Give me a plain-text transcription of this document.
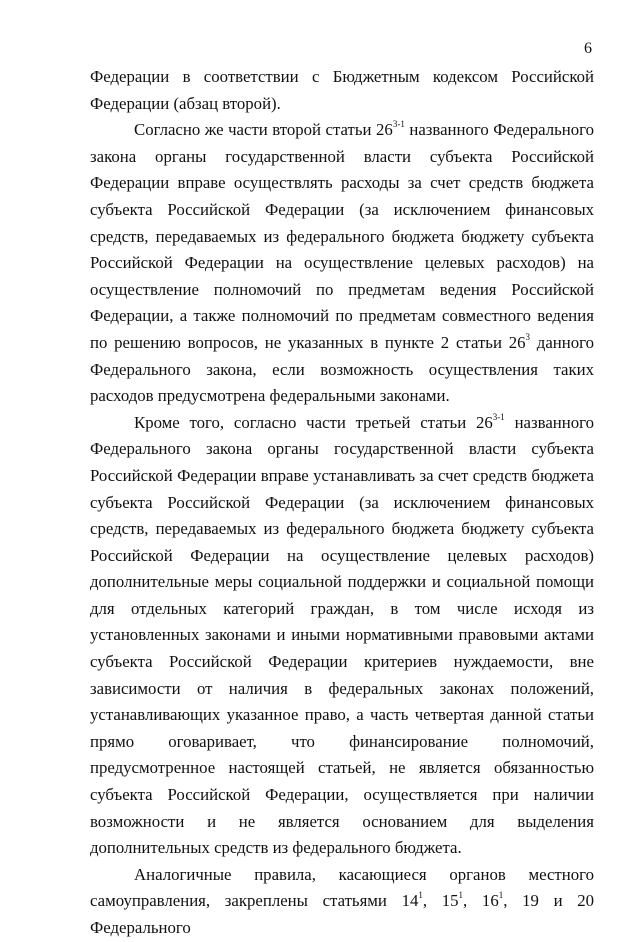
6

Федерации в соответствии с Бюджетным кодексом Российской Федерации (абзац второй).

Согласно же части второй статьи 26$^{3-1}$ названного Федерального закона органы государственной власти субъекта Российской Федерации вправе осуществлять расходы за счет средств бюджета субъекта Российской Федерации (за исключением финансовых средств, передаваемых из федерального бюджета бюджету субъекта Российской Федерации на осуществление целевых расходов) на осуществление полномочий по предметам ведения Российской Федерации, а также полномочий по предметам совместного ведения по решению вопросов, не указанных в пункте 2 статьи $26^3$ данного Федерального закона, если возможность осуществления таких расходов предусмотрена федеральными законами.

Кроме того, согласно части третьей статьи 26$^{3-1}$ названного Федерального закона органы государственной власти субъекта Российской Федерации вправе устанавливать за счет средств бюджета субъекта Российской Федерации (за исключением финансовых средств, передаваемых из федерального бюджета бюджету субъекта Российской Федерации на осуществление целевых расходов) дополнительные меры социальной поддержки и социальной помощи для отдельных категорий граждан, в том числе исходя из установленных законами и иными нормативными правовыми актами субъекта Российской Федерации критериев нуждаемости, вне зависимости от наличия в федеральных законах положений, устанавливающих указанное право, а часть четвертая данной статьи прямо оговаривает, что финансирование полномочий, предусмотренное настоящей статьей, не является обязанностью субъекта Российской Федерации, осуществляется при наличии возможности и не является основанием для выделения дополнительных средств из федерального бюджета.

Аналогичные правила, касающиеся органов местного самоуправления, закреплены статьями $14^1$, $15^1$, $16^1$, 19 и 20 Федерального
